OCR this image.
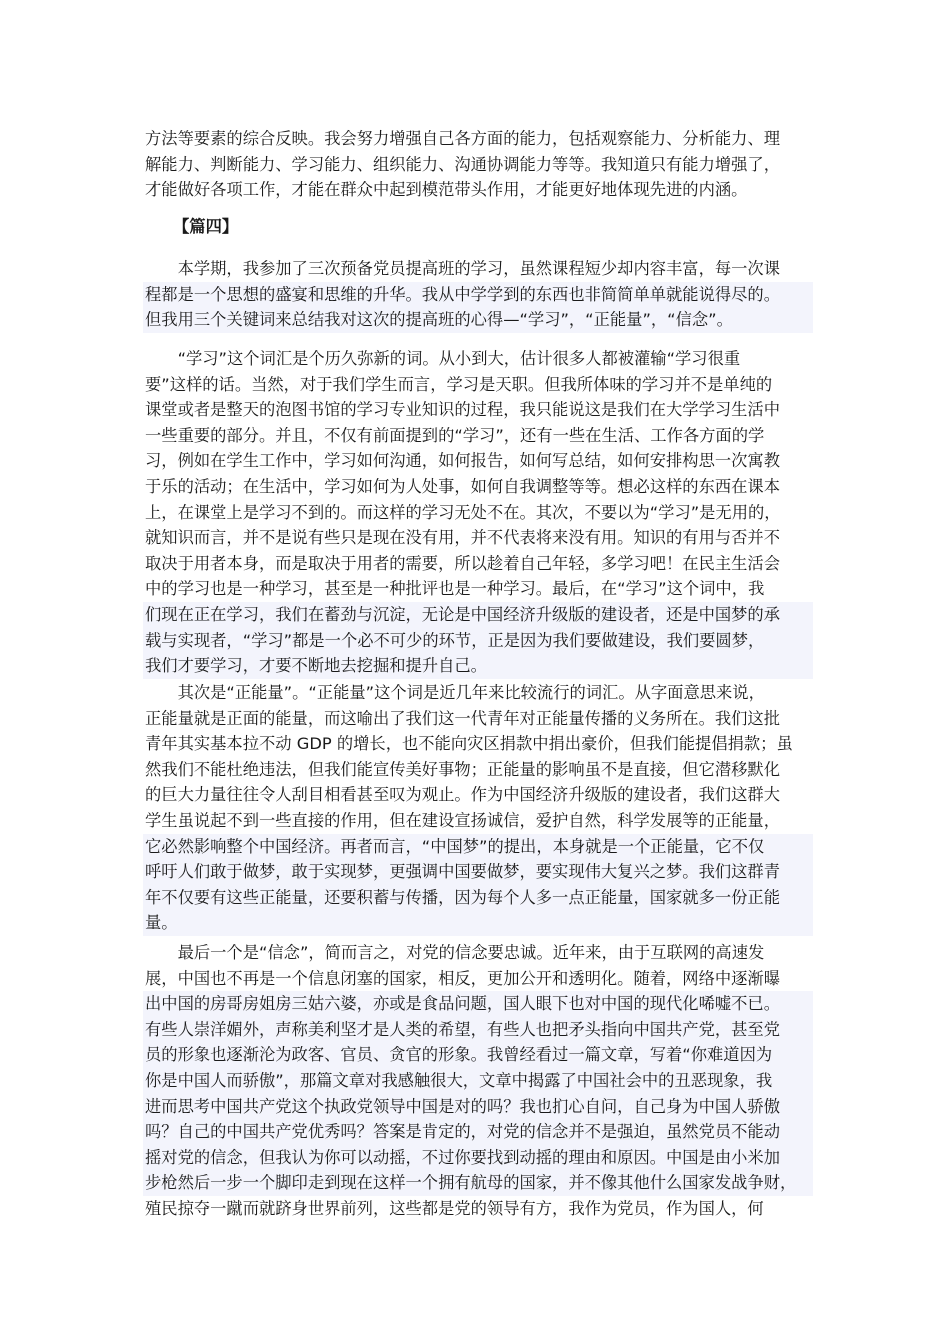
方法等要素的综合反映。我会努力增强自己各方面的能力，包括观察能力、分析能力、理
解能力、判断能力、学习能力、组织能力、沟通协调能力等等。我知道只有能力增强了，
才能做好各项工作，才能在群众中起到模范带头作用，才能更好地体现先进的内涵。
【篇四】
　　本学期，我参加了三次预备党员提高班的学习，虽然课程短少却内容丰富，每一次课
程都是一个思想的盛宴和思维的升华。我从中学学到的东西也非简简单单就能说得尽的。
但我用三个关键词来总结我对这次的提高班的心得—“学习”，“正能量”，“信念”。
　　“学习”这个词汇是个历久弥新的词。从小到大，估计很多人都被灌输“学习很重
要”这样的话。当然，对于我们学生而言，学习是天职。但我所体味的学习并不是单纯的
课堂或者是整天的泡图书馆的学习专业知识的过程，我只能说这是我们在大学学习生活中
一些重要的部分。并且，不仅有前面提到的“学习”，还有一些在生活、工作各方面的学
习，例如在学生工作中，学习如何沟通，如何报告，如何写总结，如何安排构思一次寓教
于乐的活动；在生活中，学习如何为人处事，如何自我调整等等。想必这样的东西在课本
上，在课堂上是学习不到的。而这样的学习无处不在。其次，不要以为“学习”是无用的，
就知识而言，并不是说有些只是现在没有用，并不代表将来没有用。知识的有用与否并不
取决于用者本身，而是取决于用者的需要，所以趁着自己年轻，多学习吧！在民主生活会
中的学习也是一种学习，甚至是一种批评也是一种学习。最后，在“学习”这个词中，我
们现在正在学习，我们在蓄劲与沉淀，无论是中国经济升级版的建设者，还是中国梦的承
载与实现者，“学习”都是一个必不可少的环节，正是因为我们要做建设，我们要圆梦，
我们才要学习，才要不断地去挖掘和提升自己。
　　其次是“正能量”。“正能量”这个词是近几年来比较流行的词汇。从字面意思来说，
正能量就是正面的能量，而这喻出了我们这一代青年对正能量传播的义务所在。我们这批
青年其实基本拉不动 GDP 的增长，也不能向灾区捐款中捐出豪价，但我们能提倡捐款；虽
然我们不能杜绝违法，但我们能宣传美好事物；正能量的影响虽不是直接，但它潜移默化
的巨大力量往往令人刮目相看甚至叹为观止。作为中国经济升级版的建设者，我们这群大
学生虽说起不到一些直接的作用，但在建设宣扬诚信，爱护自然，科学发展等的正能量，
它必然影响整个中国经济。再者而言，“中国梦”的提出，本身就是一个正能量，它不仅
呼吁人们敢于做梦，敢于实现梦，更强调中国要做梦，要实现伟大复兴之梦。我们这群青
年不仅要有这些正能量，还要积蓄与传播，因为每个人多一点正能量，国家就多一份正能
量。
　　最后一个是“信念”，简而言之，对党的信念要忠诚。近年来，由于互联网的高速发
展，中国也不再是一个信息闭塞的国家，相反，更加公开和透明化。随着，网络中逐渐曝
出中国的房哥房姐房三姑六婆，亦或是食品问题，国人眼下也对中国的现代化唏嘘不已。
有些人崇洋媚外，声称美利坚才是人类的希望，有些人也把矛头指向中国共产党，甚至党
员的形象也逐渐沦为政客、官员、贪官的形象。我曾经看过一篇文章，写着“你难道因为
你是中国人而骄傲”，那篇文章对我感触很大，文章中揭露了中国社会中的丑恶现象，我
进而思考中国共产党这个执政党领导中国是对的吗？我也扪心自问，自己身为中国人骄傲
吗？自己的中国共产党优秀吗？答案是肯定的，对党的信念并不是强迫，虽然党员不能动
摇对党的信念，但我认为你可以动摇，不过你要找到动摇的理由和原因。中国是由小米加
步枪然后一步一个脚印走到现在这样一个拥有航母的国家，并不像其他什么国家发战争财，
殖民掠夺一蹴而就跻身世界前列，这些都是党的领导有方，我作为党员，作为国人，何
